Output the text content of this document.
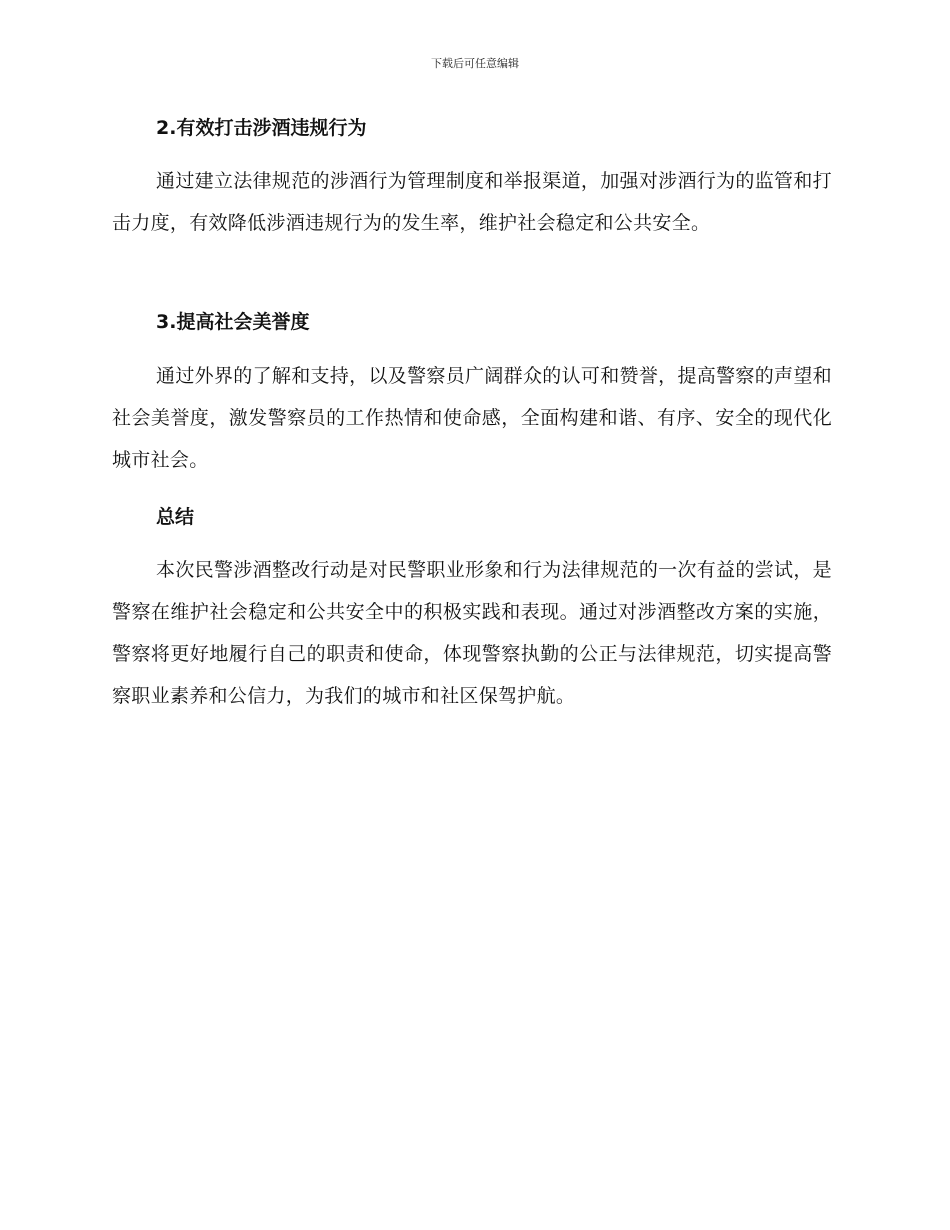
下载后可任意编辑

2.有效打击涉酒违规行为

通过建立法律规范的涉酒行为管理制度和举报渠道，加强对涉酒行为的监管和打击力度，有效降低涉酒违规行为的发生率，维护社会稳定和公共安全。

3.提高社会美誉度

通过外界的了解和支持，以及警察员广阔群众的认可和赞誉，提高警察的声望和社会美誉度，激发警察员的工作热情和使命感，全面构建和谐、有序、安全的现代化城市社会。

总结

本次民警涉酒整改行动是对民警职业形象和行为法律规范的一次有益的尝试，是警察在维护社会稳定和公共安全中的积极实践和表现。通过对涉酒整改方案的实施，警察将更好地履行自己的职责和使命，体现警察执勤的公正与法律规范，切实提高警察职业素养和公信力，为我们的城市和社区保驾护航。
